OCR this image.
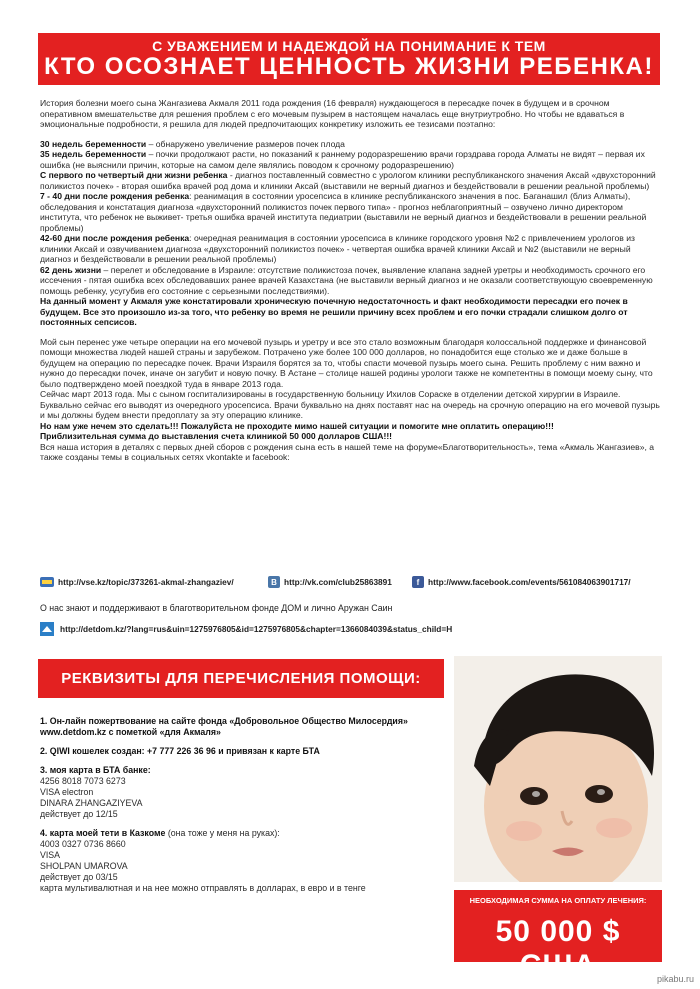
С УВАЖЕНИЕМ И НАДЕЖДОЙ НА ПОНИМАНИЕ К ТЕМ
КТО ОСОЗНАЕТ ЦЕННОСТЬ ЖИЗНИ РЕБЕНКА!

История болезни моего сына Жангазиева Акмаля 2011 года рождения (16 февраля) нуждающегося в пересадке почек в будущем и в срочном оперативном вмешательстве для решения проблем с его мочевым пузырем в настоящем началась еще внутриутробно. Но чтобы не вдаваться в эмоциональные подробности, я решила для людей предпочитающих конкретику изложить ее тезисами поэтапно:

30 недель беременности – обнаружено увеличение размеров почек плода

35 недель беременности – почки продолжают расти, но показаний к раннему родоразрешению врачи горздрава города Алматы не видят – первая их ошибка (не выяснили причин, которые на самом деле являлись поводом к срочному родоразрешению)

С первого по четвертый дни жизни ребенка - диагноз поставленный совместно с урологом клиники республиканского значения Аксай «двухсторонний поликистоз почек» - вторая ошибка врачей род дома и клиники Аксай (выставили не верный диагноз и бездействовали в решении реальной проблемы)

7 - 40 дни после рождения ребенка: реанимация в состоянии уросепсиса в клинике республиканского значения в пос. Баганашил (близ Алматы), обследования и констатация диагноза «двухсторонний поликистоз почек первого типа» - прогноз неблагоприятный – озвучено лично директором института, что ребенок не выживет- третья ошибка врачей института педиатрии (выставили не верный диагноз и бездействовали в решении реальной проблемы)

42-60 дни после рождения ребенка: очередная реанимация в состоянии уросепсиса в клинике городского уровня №2 с привлечением урологов из клиники Аксай и озвучиванием диагноза «двухсторонний поликистоз почек» - четвертая ошибка врачей клиники Аксай и №2 (выставили не верный диагноз и бездействовали в решении реальной проблемы)

62 день жизни – перелет и обследование в Израиле: отсутствие поликистоза почек, выявление клапана задней уретры и необходимость срочного его иссечения - пятая ошибка всех обследовавших ранее врачей Казахстана (не выставили верный диагноз и не оказали соответствующую своевременную помощь ребенку, усугубив его состояние с серьезными последствиями).

На данный момент у Акмаля уже констатировали хроническую почечную недостаточность и факт необходимости пересадки его почек в будущем. Все это произошло из-за того, что ребенку во время не решили причину всех проблем и его почки страдали слишком долго от постоянных сепсисов.

Мой сын перенес уже четыре операции на его мочевой пузырь и уретру и все это стало возможным благодаря колоссальной поддержке и финансовой помощи множества людей нашей страны и зарубежом. Потрачено уже более 100 000 долларов, но понадобится еще столько же и даже больше в будущем на операцию по пересадке почек. Врачи Израиля борятся за то, чтобы спасти мочевой пузырь моего сына. Решить проблему с ним важно и нужно до пересадки почек, иначе он загубит и новую почку. В Астане – столице нашей родины урологи также не компетентны в помощи моему сыну, что было подтверждено моей поездкой туда в январе 2013 года.

Сейчас март 2013 года. Мы с сыном госпитализированы в государственную больницу Ихилов Сораске в отделении детской хирургии в Израиле. Буквально сейчас его выводят из очередного уросепсиса. Врачи буквально на днях поставят нас на очередь на срочную операцию на его мочевой пузырь и мы должны будем внести предоплату за эту операцию клинике.

Но нам уже нечем это сделать!!! Пожалуйста не проходите мимо нашей ситуации и помогите мне оплатить операцию!!!

Приблизительная сумма до выставления счета клиникой 50 000 долларов США!!!

Вся наша история в деталях с первых дней сборов с рождения сына есть в нашей теме на форуме«Благотворительность», тема «Акмаль Жангазиев», а также созданы темы в социальных сетях vkontakte и facebook:

http://vse.kz/topic/373261-akmal-zhangaziev/	В http://vk.com/club25863891	f	http://www.facebook.com/events/561084063901717/
О нас знают и поддерживают в благотворительном фонде ДОМ и лично Аружан Саин
http://detdom.kz/?lang=rus&uin=1275976805&id=1275976805&chapter=1366084039&status_child=H
РЕКВИЗИТЫ ДЛЯ ПЕРЕЧИСЛЕНИЯ ПОМОЩИ:
1. Он-лайн пожертвование на сайте фонда «Добровольное Общество Милосердия» www.detdom.kz с пометкой «для Акмаля»
2. QIWI кошелек создан: +7 777 226 36 96 и привязан к карте БТА
3. моя карта в БТА банке:
4256 8018 7073 6273
VISA electron
DINARA ZHANGAZIYEVA
действует до 12/15
4. карта моей тети в Казкоме (она тоже у меня на руках):
4003 0327 0736 8660
VISA
SHOLPAN UMAROVA
действует до 03/15
карта мультивалютная и на нее можно отправлять в долларах, в евро и в тенге
НЕОБХОДИМАЯ СУММА НА ОПЛАТУ ЛЕЧЕНИЯ:
50 000 $ США	pikabu.ru
